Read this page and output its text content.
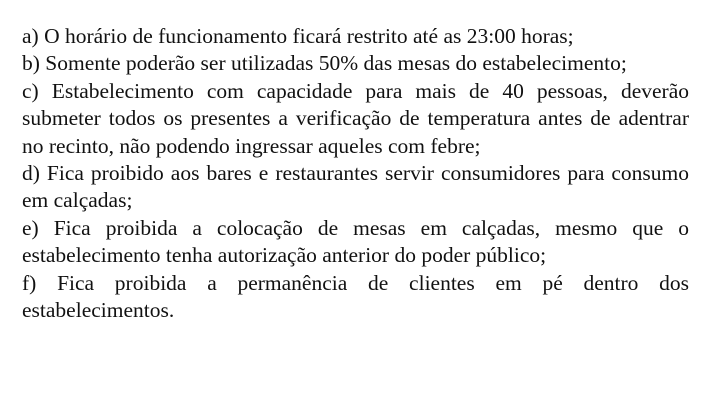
a) O horário de funcionamento ficará restrito até as 23:00 horas;

b) Somente poderão ser utilizadas 50% das mesas do estabelecimento;

c) Estabelecimento com capacidade para mais de 40 pessoas, deverão submeter todos os presentes a verificação de temperatura antes de adentrar no recinto, não podendo ingressar aqueles com febre;

d) Fica proibido aos bares e restaurantes servir consumidores para consumo em calçadas;

e) Fica proibida a colocação de mesas em calçadas, mesmo que o estabelecimento tenha autorização anterior do poder público;

f) Fica proibida a permanência de clientes em pé dentro dos estabelecimentos.
